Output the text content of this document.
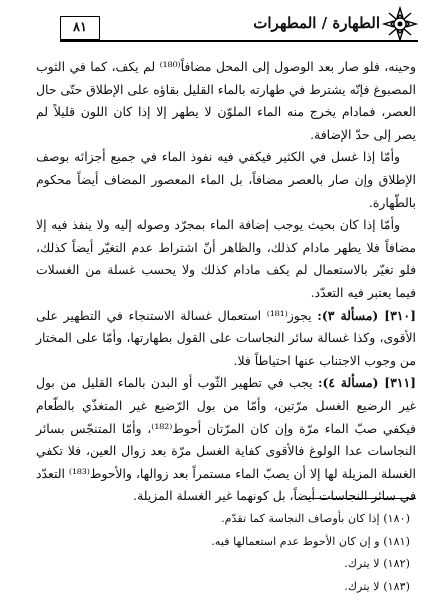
٨١	الطهارة / المطهرات

وحينه، فلو صار بعد الوصول إلى المحل مضافاً⁽¹⁸⁰⁾ لم يكف، كما في الثوب المصبوغ فإنّه يشترط في طهارته بالماء القليل بقاؤه على الإطلاق حتّى حال العصر، فمادام يخرج منه الماء الملوّن لا يطهر إلا إذا كان اللون قليلاً لم يصر إلى حدّ الإضافة.

وأمّا إذا غسل في الكثير فيكفي فيه نفوذ الماء في جميع أجزائه بوصف الإطلاق وإن صار بالعصر مضافاً، بل الماء المعصور المضاف أيضاً محكوم بالطّهارة.

وأمّا إذا كان بحيث يوجب إضافة الماء بمجرّد وصوله إليه ولا ينفذ فيه إلا مضافاً فلا يطهر مادام كذلك، والظاهر أنّ اشتراط عدم التغيّر أيضاً كذلك، فلو تغيّر بالاستعمال لم يكف مادام كذلك ولا يحسب غسلة من الغسلات فيما يعتبر فيه التعدّد.

[٣١٠] (مسألة ٣): يجوز⁽¹⁸¹⁾ استعمال غسالة الاستنجاء في التطهير على الأقوى، وكذا غسالة سائر النجاسات على القول بطهارتها، وأمّا على المختار من وجوب الاجتناب عنها احتياطاً فلا.

[٣١١] (مسألة ٤): يجب في تطهير الثّوب أو البدن بالماء القليل من بول غير الرضيع الغسل مرّتين، وأمّا من بول الرّضيع غير المتغذّي بالطّعام فيكفي صبّ الماء مرّة وإن كان المرّتان أحوط⁽¹⁸²⁾، وأمّا المتنجّس بسائر النجاسات عدا الولوغ فالأقوى كفاية الغسل مرّة بعد زوال العين، فلا تكفي الغسلة المزيلة لها إلا أن يصبّ الماء مستمراً بعد زوالها، والأحوط⁽¹⁸³⁾ التعدّد في سائر النجاسات أيضاً، بل كونهما غير الغسلة المزيلة.

(١٨٠) إذا كان بأوصاف النجاسة كما تقدّم.
(١٨١) و إن كان الأحوط عدم استعمالها فيه.
(١٨٢) لا يترك.
(١٨٣) لا يترك.
